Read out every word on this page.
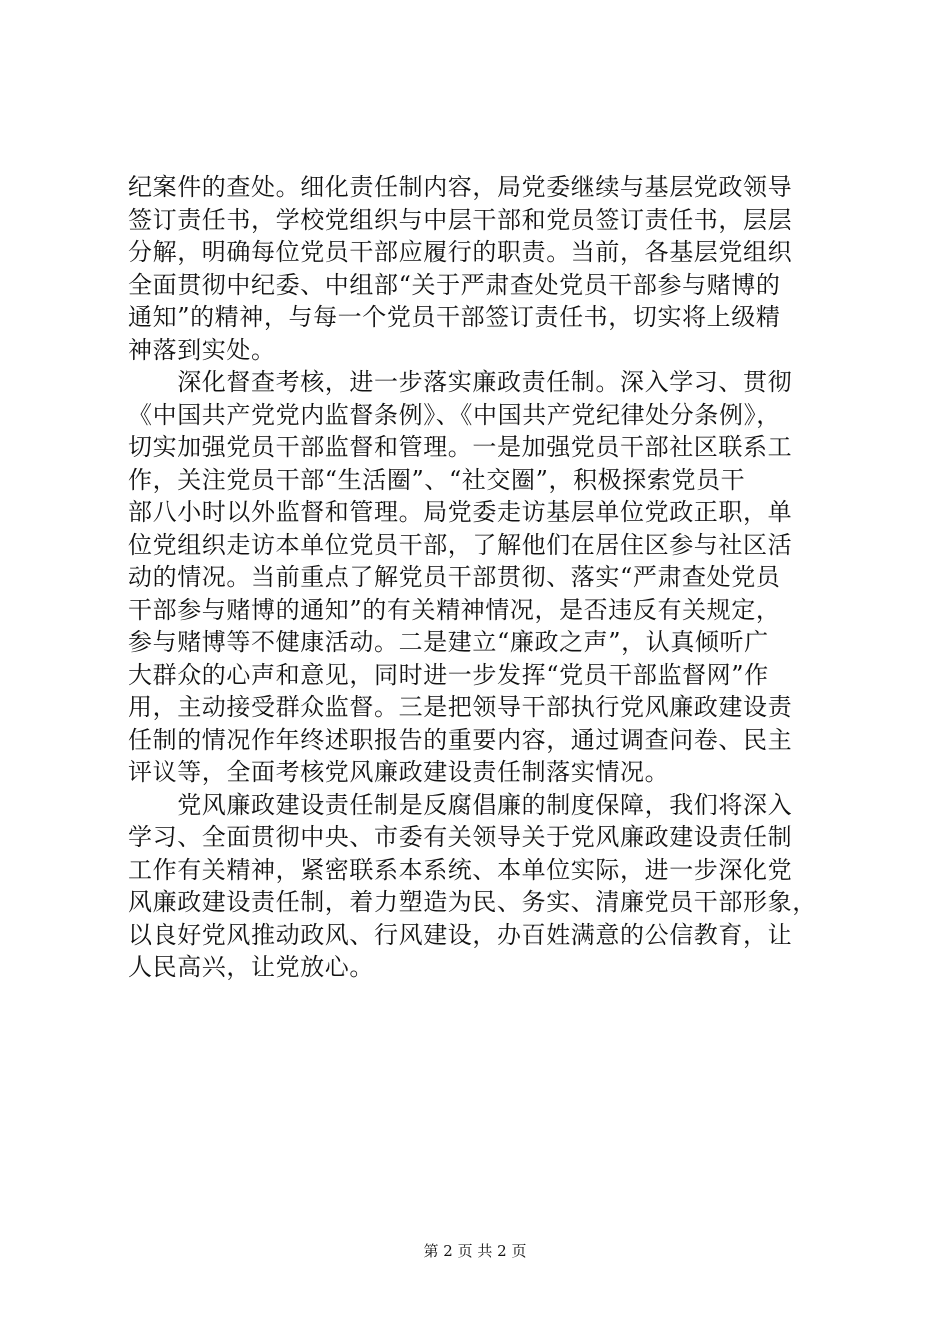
纪案件的查处。细化责任制内容，局党委继续与基层党政领导
签订责任书，学校党组织与中层干部和党员签订责任书，层层
分解，明确每位党员干部应履行的职责。当前，各基层党组织
全面贯彻中纪委、中组部“关于严肃查处党员干部参与赌博的
通知”的精神，与每一个党员干部签订责任书，切实将上级精
神落到实处。
　　深化督查考核，进一步落实廉政责任制。深入学习、贯彻
《中国共产党党内监督条例》、《中国共产党纪律处分条例》，
切实加强党员干部监督和管理。一是加强党员干部社区联系工
作，关注党员干部“生活圈”、“社交圈”，积极探索党员干
部八小时以外监督和管理。局党委走访基层单位党政正职，单
位党组织走访本单位党员干部，了解他们在居住区参与社区活
动的情况。当前重点了解党员干部贯彻、落实“严肃查处党员
干部参与赌博的通知”的有关精神情况，是否违反有关规定，
参与赌博等不健康活动。二是建立“廉政之声”，认真倾听广
大群众的心声和意见，同时进一步发挥“党员干部监督网”作
用，主动接受群众监督。三是把领导干部执行党风廉政建设责
任制的情况作年终述职报告的重要内容，通过调查问卷、民主
评议等，全面考核党风廉政建设责任制落实情况。
　　党风廉政建设责任制是反腐倡廉的制度保障，我们将深入
学习、全面贯彻中央、市委有关领导关于党风廉政建设责任制
工作有关精神，紧密联系本系统、本单位实际，进一步深化党
风廉政建设责任制，着力塑造为民、务实、清廉党员干部形象，
以良好党风推动政风、行风建设，办百姓满意的公信教育，让
人民高兴，让党放心。
第 2 页 共 2 页
